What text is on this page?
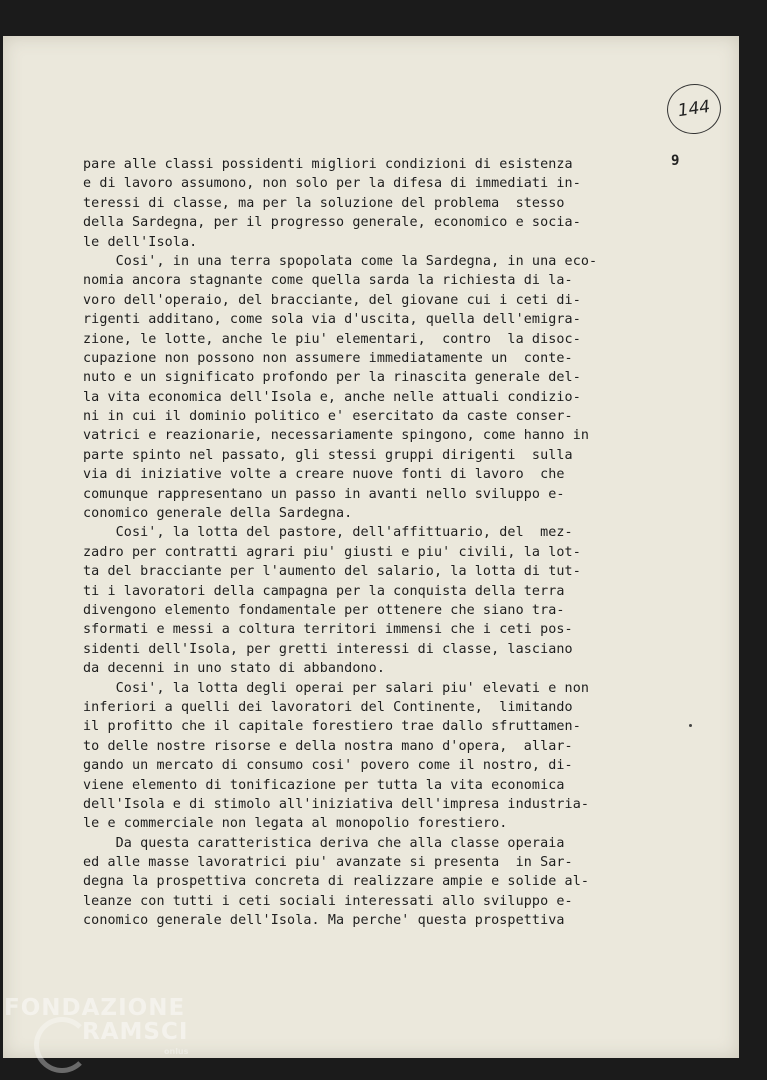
144
9
pare alle classi possidenti migliori condizioni di esistenza
e di lavoro assumono, non solo per la difesa di immediati in-
teressi di classe, ma per la soluzione del problema  stesso
della Sardegna, per il progresso generale, economico e socia-
le dell'Isola.
Cosi', in una terra spopolata come la Sardegna, in una eco-
nomia ancora stagnante come quella sarda la richiesta di la-
voro dell'operaio, del bracciante, del giovane cui i ceti di-
rigenti additano, come sola via d'uscita, quella dell'emigra-
zione, le lotte, anche le piu' elementari,  contro  la disoc-
cupazione non possono non assumere immediatamente un  conte-
nuto e un significato profondo per la rinascita generale del-
la vita economica dell'Isola e, anche nelle attuali condizio-
ni in cui il dominio politico e' esercitato da caste conser-
vatrici e reazionarie, necessariamente spingono, come hanno in
parte spinto nel passato, gli stessi gruppi dirigenti  sulla
via di iniziative volte a creare nuove fonti di lavoro  che
comunque rappresentano un passo in avanti nello sviluppo e-
conomico generale della Sardegna.
Cosi', la lotta del pastore, dell'affittuario, del  mez-
zadro per contratti agrari piu' giusti e piu' civili, la lot-
ta del bracciante per l'aumento del salario, la lotta di tut-
ti i lavoratori della campagna per la conquista della terra
divengono elemento fondamentale per ottenere che siano tra-
sformati e messi a coltura territori immensi che i ceti pos-
sidenti dell'Isola, per gretti interessi di classe, lasciano
da decenni in uno stato di abbandono.
Cosi', la lotta degli operai per salari piu' elevati e non
inferiori a quelli dei lavoratori del Continente,  limitando
il profitto che il capitale forestiero trae dallo sfruttamen-
to delle nostre risorse e della nostra mano d'opera,  allar-
gando un mercato di consumo cosi' povero come il nostro, di-
viene elemento di tonificazione per tutta la vita economica
dell'Isola e di stimolo all'iniziativa dell'impresa industria-
le e commerciale non legata al monopolio forestiero.
Da questa caratteristica deriva che alla classe operaia
ed alle masse lavoratrici piu' avanzate si presenta  in Sar-
degna la prospettiva concreta di realizzare ampie e solide al-
leanze con tutti i ceti sociali interessati allo sviluppo e-
conomico generale dell'Isola. Ma perche' questa prospettiva
FONDAZIONE
RAMSCI
onlus
